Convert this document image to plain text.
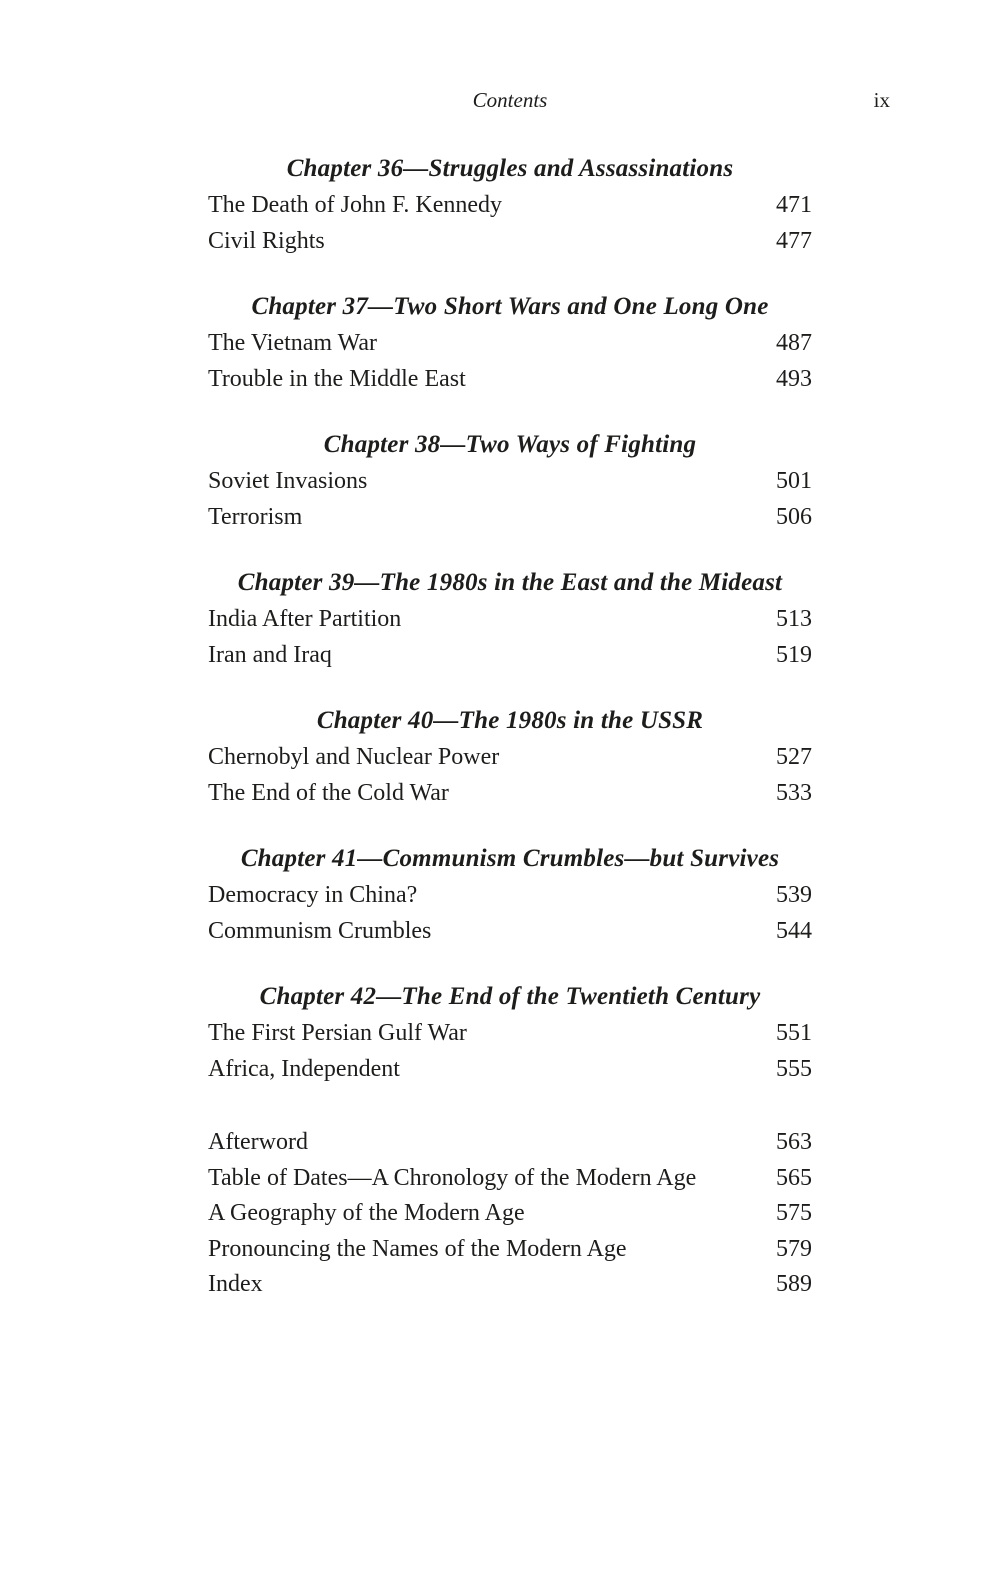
Contents	ix
Chapter 36—Struggles and Assassinations
The Death of John F. Kennedy	471
Civil Rights	477
Chapter 37—Two Short Wars and One Long One
The Vietnam War	487
Trouble in the Middle East	493
Chapter 38—Two Ways of Fighting
Soviet Invasions	501
Terrorism	506
Chapter 39—The 1980s in the East and the Mideast
India After Partition	513
Iran and Iraq	519
Chapter 40—The 1980s in the USSR
Chernobyl and Nuclear Power	527
The End of the Cold War	533
Chapter 41—Communism Crumbles—but Survives
Democracy in China?	539
Communism Crumbles	544
Chapter 42—The End of the Twentieth Century
The First Persian Gulf War	551
Africa, Independent	555
Afterword	563
Table of Dates—A Chronology of the Modern Age	565
A Geography of the Modern Age	575
Pronouncing the Names of the Modern Age	579
Index	589
